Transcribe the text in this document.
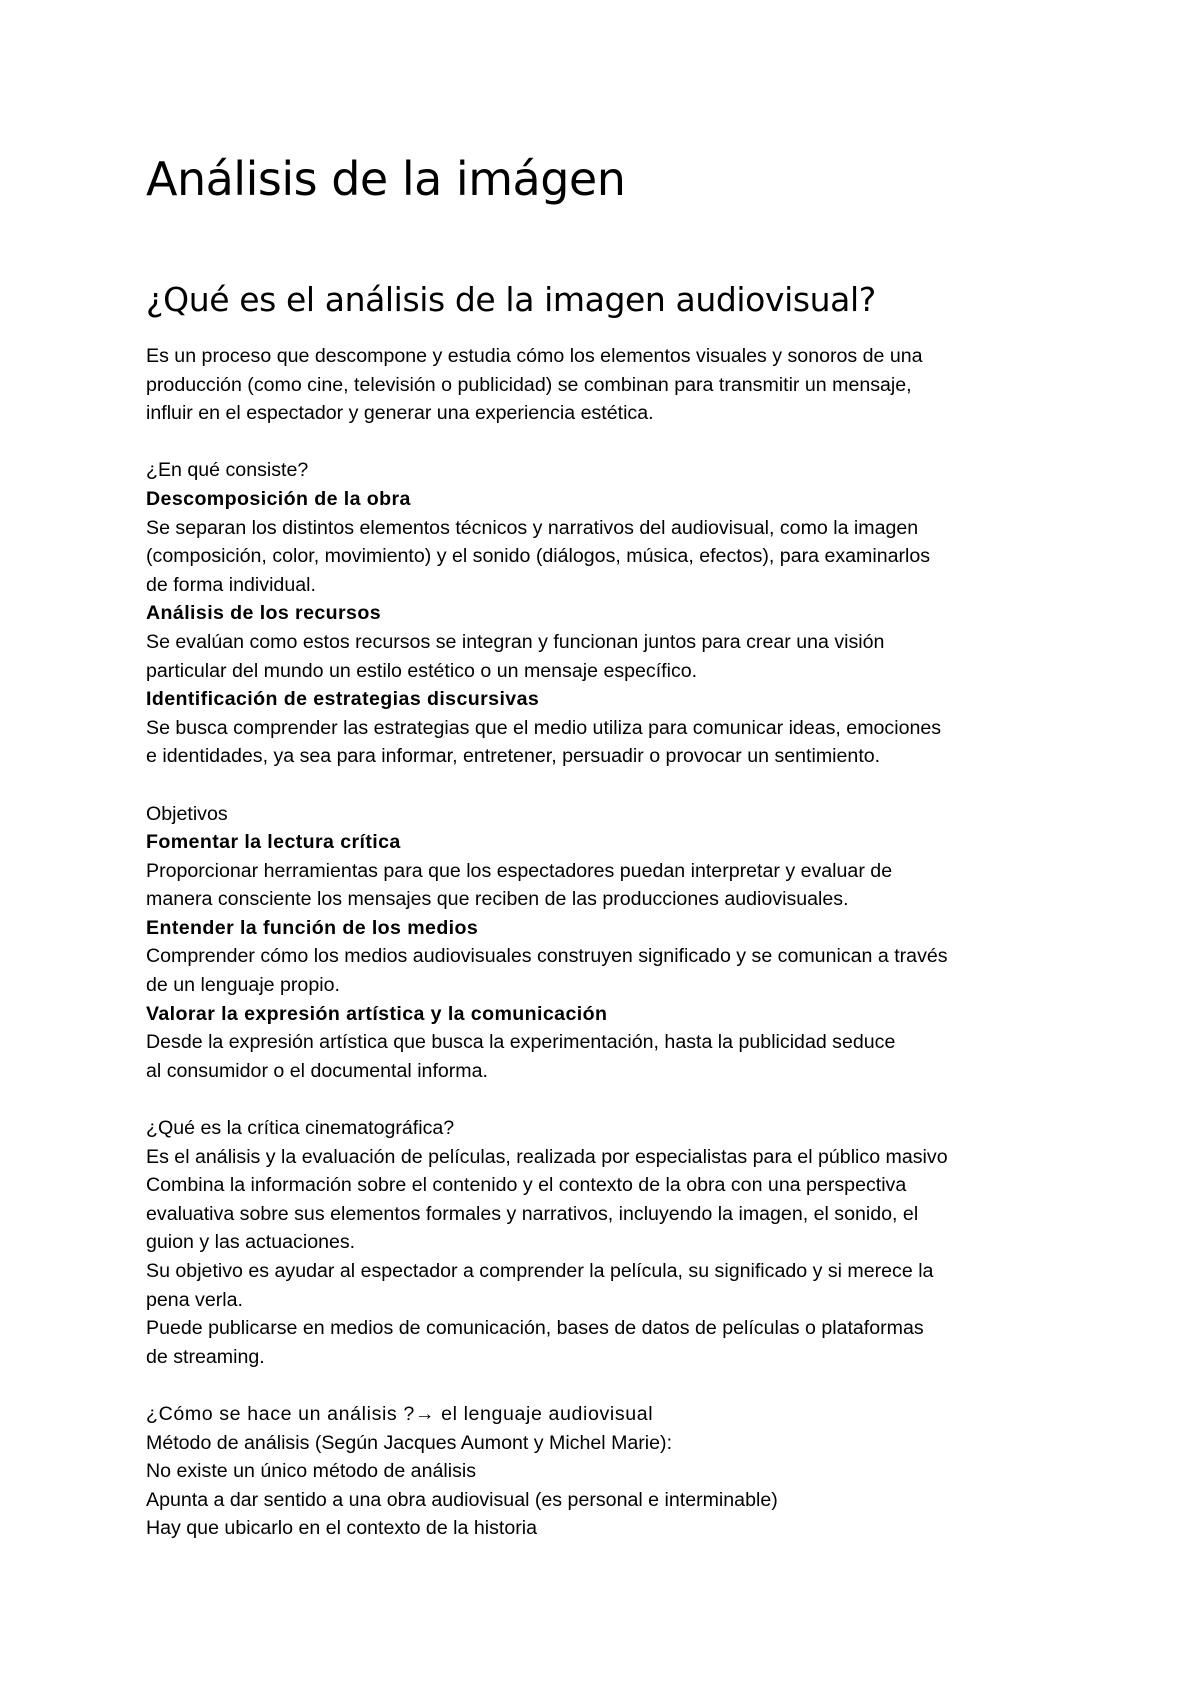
Análisis de la imágen
¿Qué es el análisis de la imagen audiovisual?
Es un proceso que descompone y estudia cómo los elementos visuales y sonoros de una
producción (como cine, televisión o publicidad) se combinan para transmitir un mensaje,
influir en el espectador y generar una experiencia estética.
¿En qué consiste?
Descomposición de la obra
Se separan los distintos elementos técnicos y narrativos del audiovisual, como la imagen
(composición, color, movimiento) y el sonido (diálogos, música, efectos), para examinarlos
de forma individual.
Análisis de los recursos
Se evalúan como estos recursos se integran y funcionan juntos para crear una visión
particular del mundo un estilo estético o un mensaje específico.
Identificación de estrategias discursivas
Se busca comprender las estrategias que el medio utiliza para comunicar ideas, emociones
e identidades, ya sea para informar, entretener, persuadir o provocar un sentimiento.
Objetivos
Fomentar la lectura crítica
Proporcionar herramientas para que los espectadores puedan interpretar y evaluar de
manera consciente los mensajes que reciben de las producciones audiovisuales.
Entender la función de los medios
Comprender cómo los medios audiovisuales construyen significado y se comunican a través
de un lenguaje propio.
Valorar la expresión artística y la comunicación
Desde la expresión artística que busca la experimentación, hasta la publicidad seduce
al consumidor o el documental informa.
¿Qué es la crítica cinematográfica?
Es el análisis y la evaluación de películas, realizada por especialistas para el público masivo
Combina la información sobre el contenido y el contexto de la obra con una perspectiva
evaluativa sobre sus elementos formales y narrativos, incluyendo la imagen, el sonido, el
guion y las actuaciones.
Su objetivo es ayudar al espectador a comprender la película, su significado y si merece la
pena verla.
Puede publicarse en medios de comunicación, bases de datos de películas o plataformas
de streaming.
¿Cómo se hace un análisis ?→ el lenguaje audiovisual
Método de análisis (Según Jacques Aumont y Michel Marie):
No existe un único método de análisis
Apunta a dar sentido a una obra audiovisual (es personal e interminable)
Hay que ubicarlo en el contexto de la historia
